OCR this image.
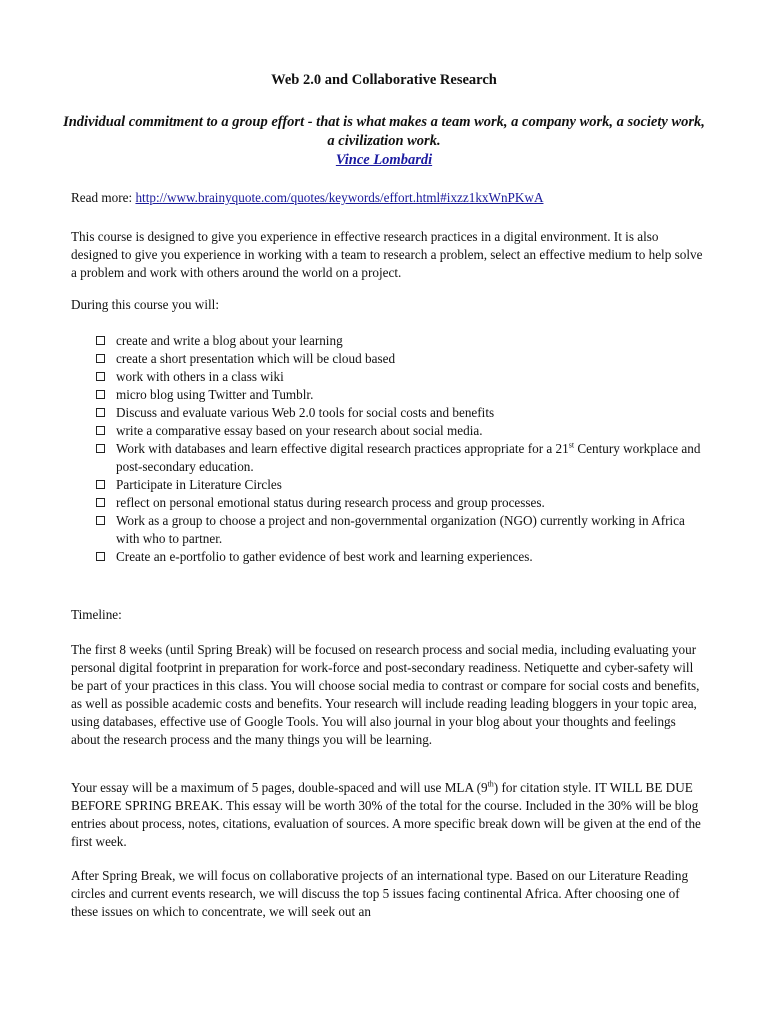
Web 2.0 and Collaborative Research
Individual commitment to a group effort - that is what makes a team work, a company work, a society work, a civilization work.
Vince Lombardi
Read more: http://www.brainyquote.com/quotes/keywords/effort.html#ixzz1kxWnPKwA

This course is designed to give you experience in effective research practices in a digital environment. It is also designed to give you experience in working with a team to research a problem, select an effective medium to help solve a problem and work with others around the world on a project.

During this course you will:
create and write a blog about your learning
create a short presentation which will be cloud based
work with others in a class wiki
micro blog using Twitter and Tumblr.
Discuss and evaluate various Web 2.0 tools for social costs and benefits
write a comparative essay based on your research about social media.
Work with databases and learn effective digital research practices appropriate for a 21st Century workplace and post-secondary education.
Participate in Literature Circles
reflect on personal emotional status during research process and group processes.
Work as a group to choose a project and non-governmental organization (NGO) currently working in Africa with who to partner.
Create an e-portfolio to gather evidence of best work and learning experiences.
Timeline:

The first 8 weeks (until Spring Break) will be focused on research process and social media, including evaluating your personal digital footprint in preparation for work-force and post-secondary readiness. Netiquette and cyber-safety will be part of your practices in this class. You will choose social media to contrast or compare for social costs and benefits, as well as possible academic costs and benefits. Your research will include reading leading bloggers in your topic area, using databases, effective use of Google Tools. You will also journal in your blog about your thoughts and feelings about the research process and the many things you will be learning.

Your essay will be a maximum of 5 pages, double-spaced and will use MLA (9th) for citation style. IT WILL BE DUE BEFORE SPRING BREAK. This essay will be worth 30% of the total for the course. Included in the 30% will be blog entries about process, notes, citations, evaluation of sources. A more specific break down will be given at the end of the first week.

After Spring Break, we will focus on collaborative projects of an international type. Based on our Literature Reading circles and current events research, we will discuss the top 5 issues facing continental Africa. After choosing one of these issues on which to concentrate, we will seek out an
